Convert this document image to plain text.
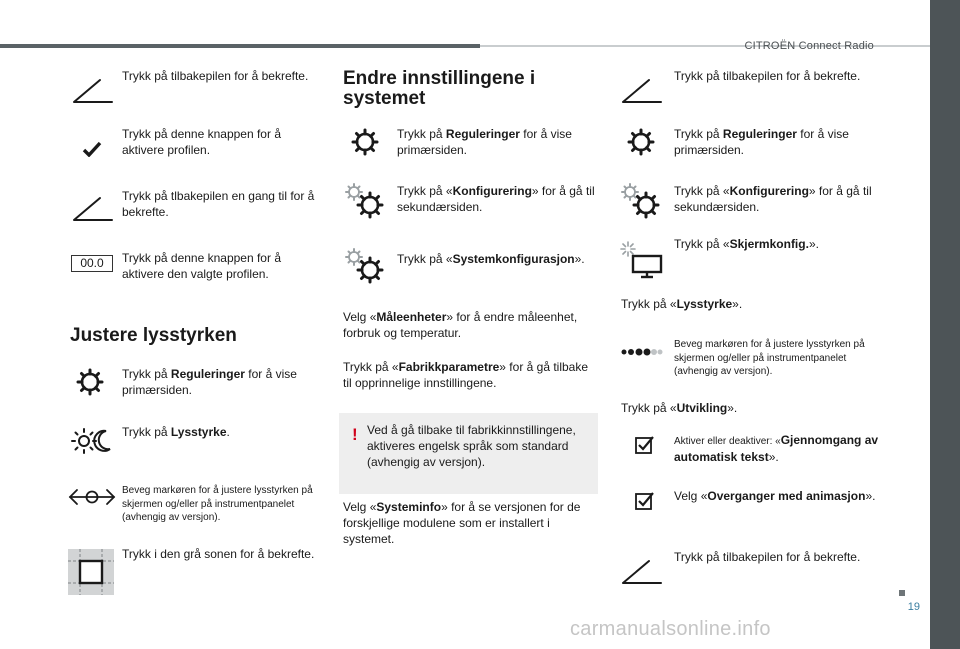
CITROËN Connect Radio
19
carmanualsonline.info
Trykk på tilbakepilen for å bekrefte.
Trykk på denne knappen for å aktivere profilen.
Trykk på tlbakepilen en gang til for å bekrefte.
00.0	Trykk på denne knappen for å aktivere den valgte profilen.
Justere lysstyrken
Trykk på Reguleringer for å vise primærsiden.
Trykk på Lysstyrke.
Beveg markøren for å justere lysstyrken på skjermen og/eller på instrumentpanelet (avhengig av versjon).
Trykk i den grå sonen for å bekrefte.
Endre innstillingene i
systemet
Trykk på Reguleringer for å vise primærsiden.
Trykk på «Konfigurering» for å gå til sekundærsiden.
Trykk på «Systemkonfigurasjon».
Velg «Måleenheter» for å endre måleenhet, forbruk og temperatur.
Trykk på «Fabrikkparametre» for å gå tilbake til opprinnelige innstillingene.
! Ved å gå tilbake til fabrikkinnstillingene, aktiveres engelsk språk som standard (avhengig av versjon).
Velg «Systeminfo» for å se versjonen for de forskjellige modulene som er installert i systemet.
Trykk på tilbakepilen for å bekrefte.
Trykk på Reguleringer for å vise primærsiden.
Trykk på «Konfigurering» for å gå til sekundærsiden.
Trykk på «Skjermkonfig.».
Trykk på «Lysstyrke».
Beveg markøren for å justere lysstyrken på skjermen og/eller på instrumentpanelet (avhengig av versjon).
Trykk på «Utvikling».
Aktiver eller deaktiver: «Gjennomgang av automatisk tekst».
Velg «Overganger med animasjon».
Trykk på tilbakepilen for å bekrefte.
